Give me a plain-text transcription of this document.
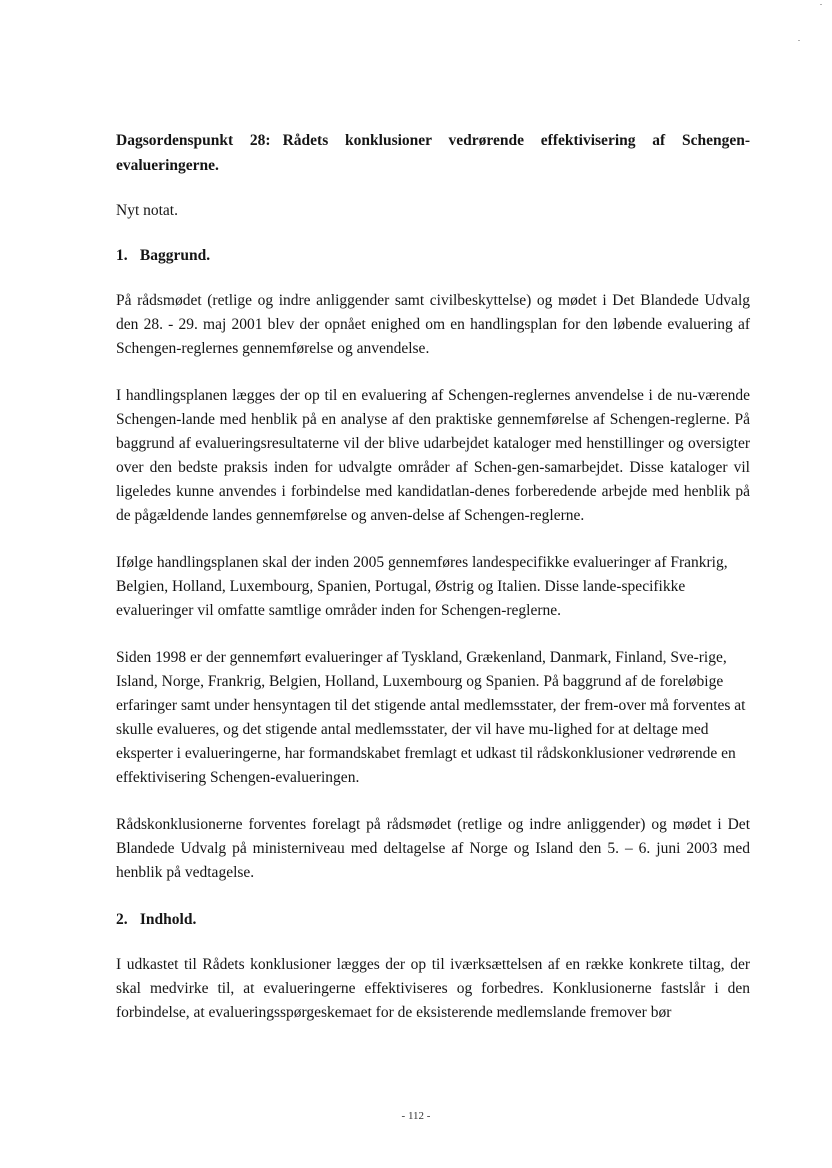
Dagsordenspunkt 28: Rådets konklusioner vedrørende effektivisering af Schengen-evalueringerne.

Nyt notat.

1. Baggrund.

På rådsmødet (retlige og indre anliggender samt civilbeskyttelse) og mødet i Det Blandede Udvalg den 28. - 29. maj 2001 blev der opnået enighed om en handlingsplan for den løbende evaluering af Schengen-reglernes gennemførelse og anvendelse.

I handlingsplanen lægges der op til en evaluering af Schengen-reglernes anvendelse i de nu-værende Schengen-lande med henblik på en analyse af den praktiske gennemførelse af Schengen-reglerne. På baggrund af evalueringsresultaterne vil der blive udarbejdet kataloger med henstillinger og oversigter over den bedste praksis inden for udvalgte områder af Schen-gen-samarbejdet. Disse kataloger vil ligeledes kunne anvendes i forbindelse med kandidatlan-denes forberedende arbejde med henblik på de pågældende landes gennemførelse og anven-delse af Schengen-reglerne.

Ifølge handlingsplanen skal der inden 2005 gennemføres landespecifikke evalueringer af Frankrig, Belgien, Holland, Luxembourg, Spanien, Portugal, Østrig og Italien. Disse lande-specifikke evalueringer vil omfatte samtlige områder inden for Schengen-reglerne.

Siden 1998 er der gennemført evalueringer af Tyskland, Grækenland, Danmark, Finland, Sve-rige, Island, Norge, Frankrig, Belgien, Holland, Luxembourg og Spanien. På baggrund af de foreløbige erfaringer samt under hensyntagen til det stigende antal medlemsstater, der frem-over må forventes at skulle evalueres, og det stigende antal medlemsstater, der vil have mu-lighed for at deltage med eksperter i evalueringerne, har formandskabet fremlagt et udkast til rådskonklusioner vedrørende en effektivisering Schengen-evalueringen.

Rådskonklusionerne forventes forelagt på rådsmødet (retlige og indre anliggender) og mødet i Det Blandede Udvalg på ministerniveau med deltagelse af Norge og Island den 5. – 6. juni 2003 med henblik på vedtagelse.

2. Indhold.

I udkastet til Rådets konklusioner lægges der op til iværksættelsen af en række konkrete tiltag, der skal medvirke til, at evalueringerne effektiviseres og forbedres. Konklusionerne fastslår i den forbindelse, at evalueringsspørgeskemaet for de eksisterende medlemslande fremover bør

- 112 -
